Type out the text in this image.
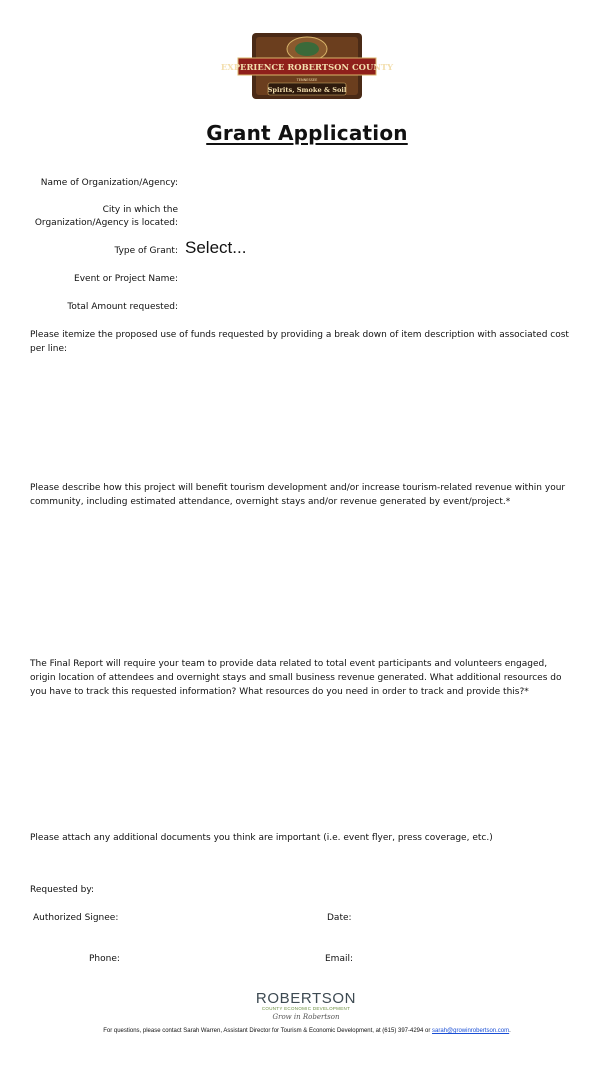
EXPERIENCE ROBERTSON COUNTY
TENNESSEE
Spirits, Smoke & Soil
Grant Application
Name of Organization/Agency:
City in which the Organization/Agency is located:
Type of Grant: Select...
Event or Project Name:
Total Amount requested:
Please itemize the proposed use of funds requested by providing a break down of item description with associated cost per line:
Please describe how this project will benefit tourism development and/or increase tourism-related revenue within your community, including estimated attendance, overnight stays and/or revenue generated by event/project.*
The Final Report will require your team to provide data related to total event participants and volunteers engaged, origin location of attendees and overnight stays and small business revenue generated. What additional resources do you have to track this requested information? What resources do you need in order to track and provide this?*
Please attach any additional documents you think are important (i.e. event flyer, press coverage, etc.)
Requested by:
Authorized Signee:	Date:
Phone:	Email:
ROBERTSON
COUNTY ECONOMIC DEVELOPMENT
Grow in Robertson
For questions, please contact Sarah Warren, Assistant Director for Tourism & Economic Development, at (615) 397-4294 or sarah@growinrobertson.com.
